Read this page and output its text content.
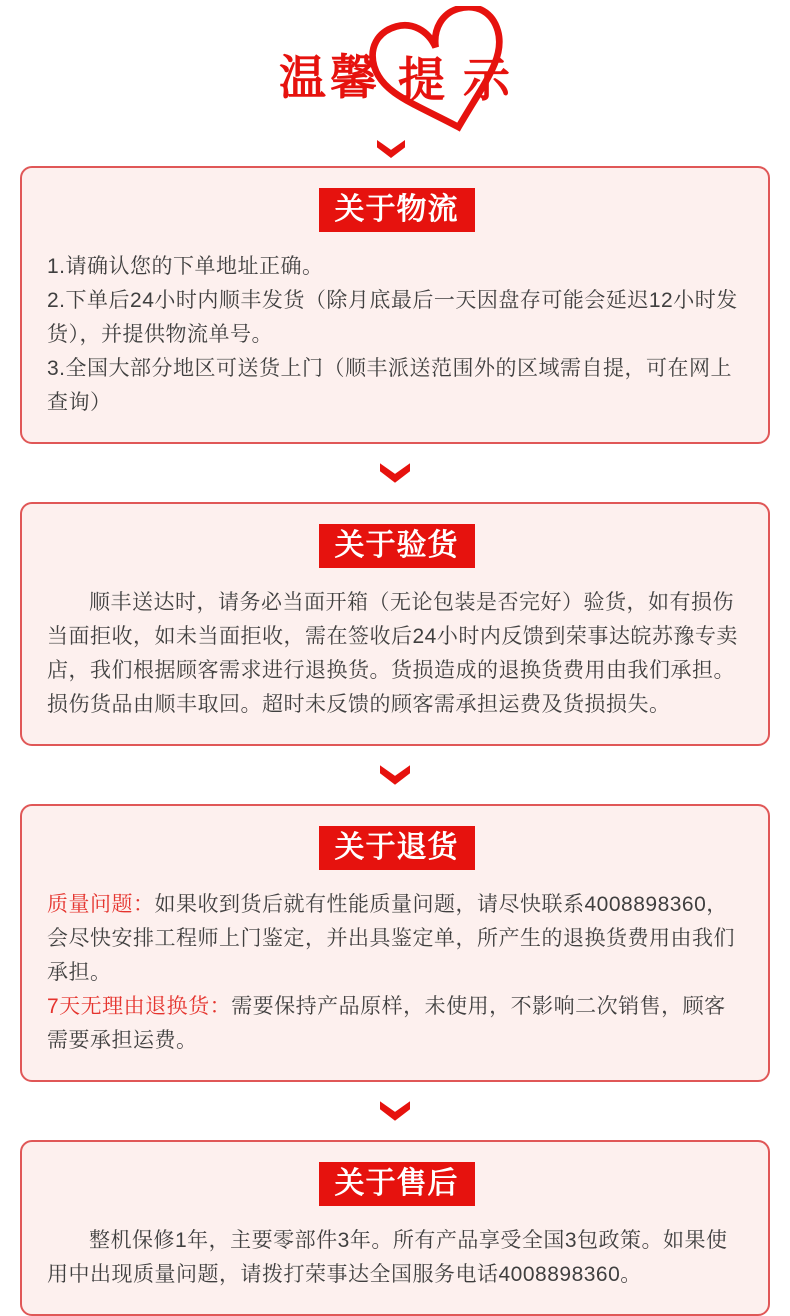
温馨 提示
关于物流

1.请确认您的下单地址正确。

2.下单后24小时内顺丰发货（除月底最后一天因盘存可能会延迟12小时发货），并提供物流单号。

3.全国大部分地区可送货上门（顺丰派送范围外的区域需自提，可在网上查询）

关于验货

顺丰送达时，请务必当面开箱（无论包装是否完好）验货，如有损伤当面拒收，如未当面拒收，需在签收后24小时内反馈到荣事达皖苏豫专卖店，我们根据顾客需求进行退换货。货损造成的退换货费用由我们承担。损伤货品由顺丰取回。超时未反馈的顾客需承担运费及货损损失。

关于退货

质量问题：如果收到货后就有性能质量问题，请尽快联系4008898360，会尽快安排工程师上门鉴定，并出具鉴定单，所产生的退换货费用由我们承担。

7天无理由退换货：需要保持产品原样，未使用，不影响二次销售，顾客需要承担运费。

关于售后

整机保修1年，主要零部件3年。所有产品享受全国3包政策。如果使用中出现质量问题，请拨打荣事达全国服务电话4008898360。
